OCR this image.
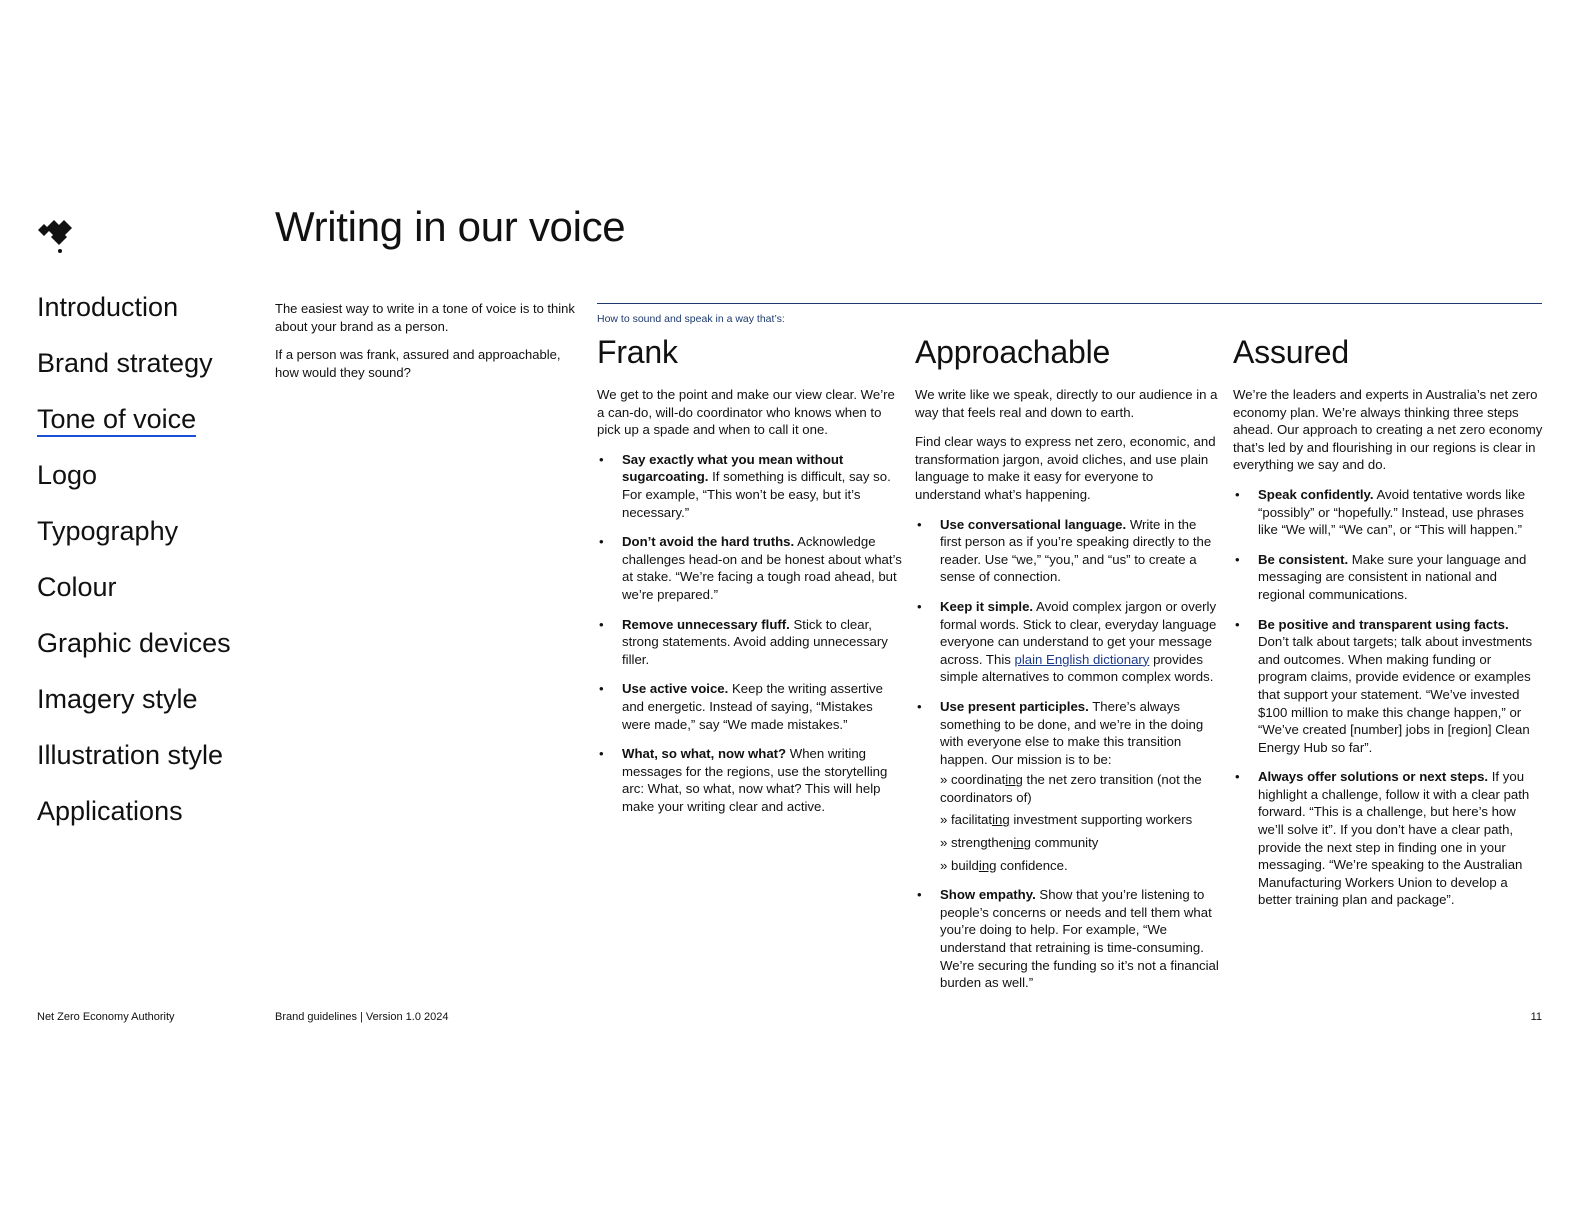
Writing in our voice
Introduction
Brand strategy
Tone of voice
Logo
Typography
Colour
Graphic devices
Imagery style
Illustration style
Applications

The easiest way to write in a tone of voice is to think about your brand as a person.

If a person was frank, assured and approachable, how would they sound?

How to sound and speak in a way that’s:
Frank

We get to the point and make our view clear. We’re a can-do, will-do coordinator who knows when to pick up a spade and when to call it one.

• Say exactly what you mean without sugarcoating. If something is difficult, say so. For example, “This won’t be easy, but it’s necessary.”
• Don’t avoid the hard truths. Acknowledge challenges head-on and be honest about what’s at stake. “We’re facing a tough road ahead, but we’re prepared.”
• Remove unnecessary fluff. Stick to clear, strong statements. Avoid adding unnecessary filler.
• Use active voice. Keep the writing assertive and energetic. Instead of saying, “Mistakes were made,” say “We made mistakes.”
• What, so what, now what? When writing messages for the regions, use the storytelling arc: What, so what, now what? This will help make your writing clear and active.
Approachable

We write like we speak, directly to our audience in a way that feels real and down to earth.

Find clear ways to express net zero, economic, and transformation jargon, avoid cliches, and use plain language to make it easy for everyone to understand what’s happening.

• Use conversational language. Write in the first person as if you’re speaking directly to the reader. Use “we,” “you,” and “us” to create a sense of connection.
• Keep it simple. Avoid complex jargon or overly formal words. Stick to clear, everyday language everyone can understand to get your message across. This plain English dictionary provides simple alternatives to common complex words.
• Use present participles. There’s always something to be done, and we’re in the doing with everyone else to make this transition happen. Our mission is to be:
» coordinating the net zero transition (not the coordinators of)
» facilitating investment supporting workers
» strengthening community
» building confidence.
• Show empathy. Show that you’re listening to people’s concerns or needs and tell them what you’re doing to help. For example, “We understand that retraining is time-consuming. We’re securing the funding so it’s not a financial burden as well.”
Assured

We’re the leaders and experts in Australia’s net zero economy plan. We’re always thinking three steps ahead. Our approach to creating a net zero economy that’s led by and flourishing in our regions is clear in everything we say and do.

• Speak confidently. Avoid tentative words like “possibly” or “hopefully.” Instead, use phrases like “We will,” “We can”, or “This will happen.”
• Be consistent. Make sure your language and messaging are consistent in national and regional communications.
• Be positive and transparent using facts. Don’t talk about targets; talk about investments and outcomes. When making funding or program claims, provide evidence or examples that support your statement. “We’ve invested $100 million to make this change happen,” or “We’ve created [number] jobs in [region] Clean Energy Hub so far”.
• Always offer solutions or next steps. If you highlight a challenge, follow it with a clear path forward. “This is a challenge, but here’s how we’ll solve it”. If you don’t have a clear path, provide the next step in finding one in your messaging. “We’re speaking to the Australian Manufacturing Workers Union to develop a better training plan and package”.
Net Zero Economy Authority	Brand guidelines | Version 1.0 2024	11
